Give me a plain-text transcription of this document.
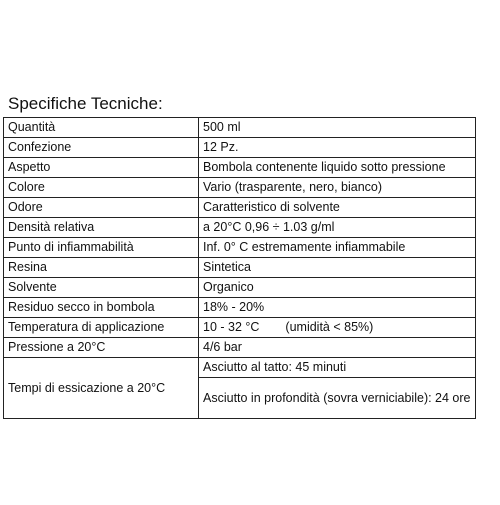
Specifiche Tecniche:
Quantità	500 ml
Confezione	12 Pz.
Aspetto	Bombola contenente liquido sotto pressione
Colore	Vario (trasparente, nero, bianco)
Odore	Caratteristico di solvente
Densità relativa	a 20°C 0,96 ÷ 1.03 g/ml
Punto di infiammabilità	Inf. 0° C estremamente infiammabile
Resina	Sintetica
Solvente	Organico
Residuo secco in bombola	18% - 20%
Temperatura di applicazione	10 - 32 °C (umidità < 85%)
Pressione a 20°C	4/6 bar
Tempi di essicazione a 20°C	Asciutto al tatto: 45 minuti
	Asciutto in profondità (sovra verniciabile): 24 ore
